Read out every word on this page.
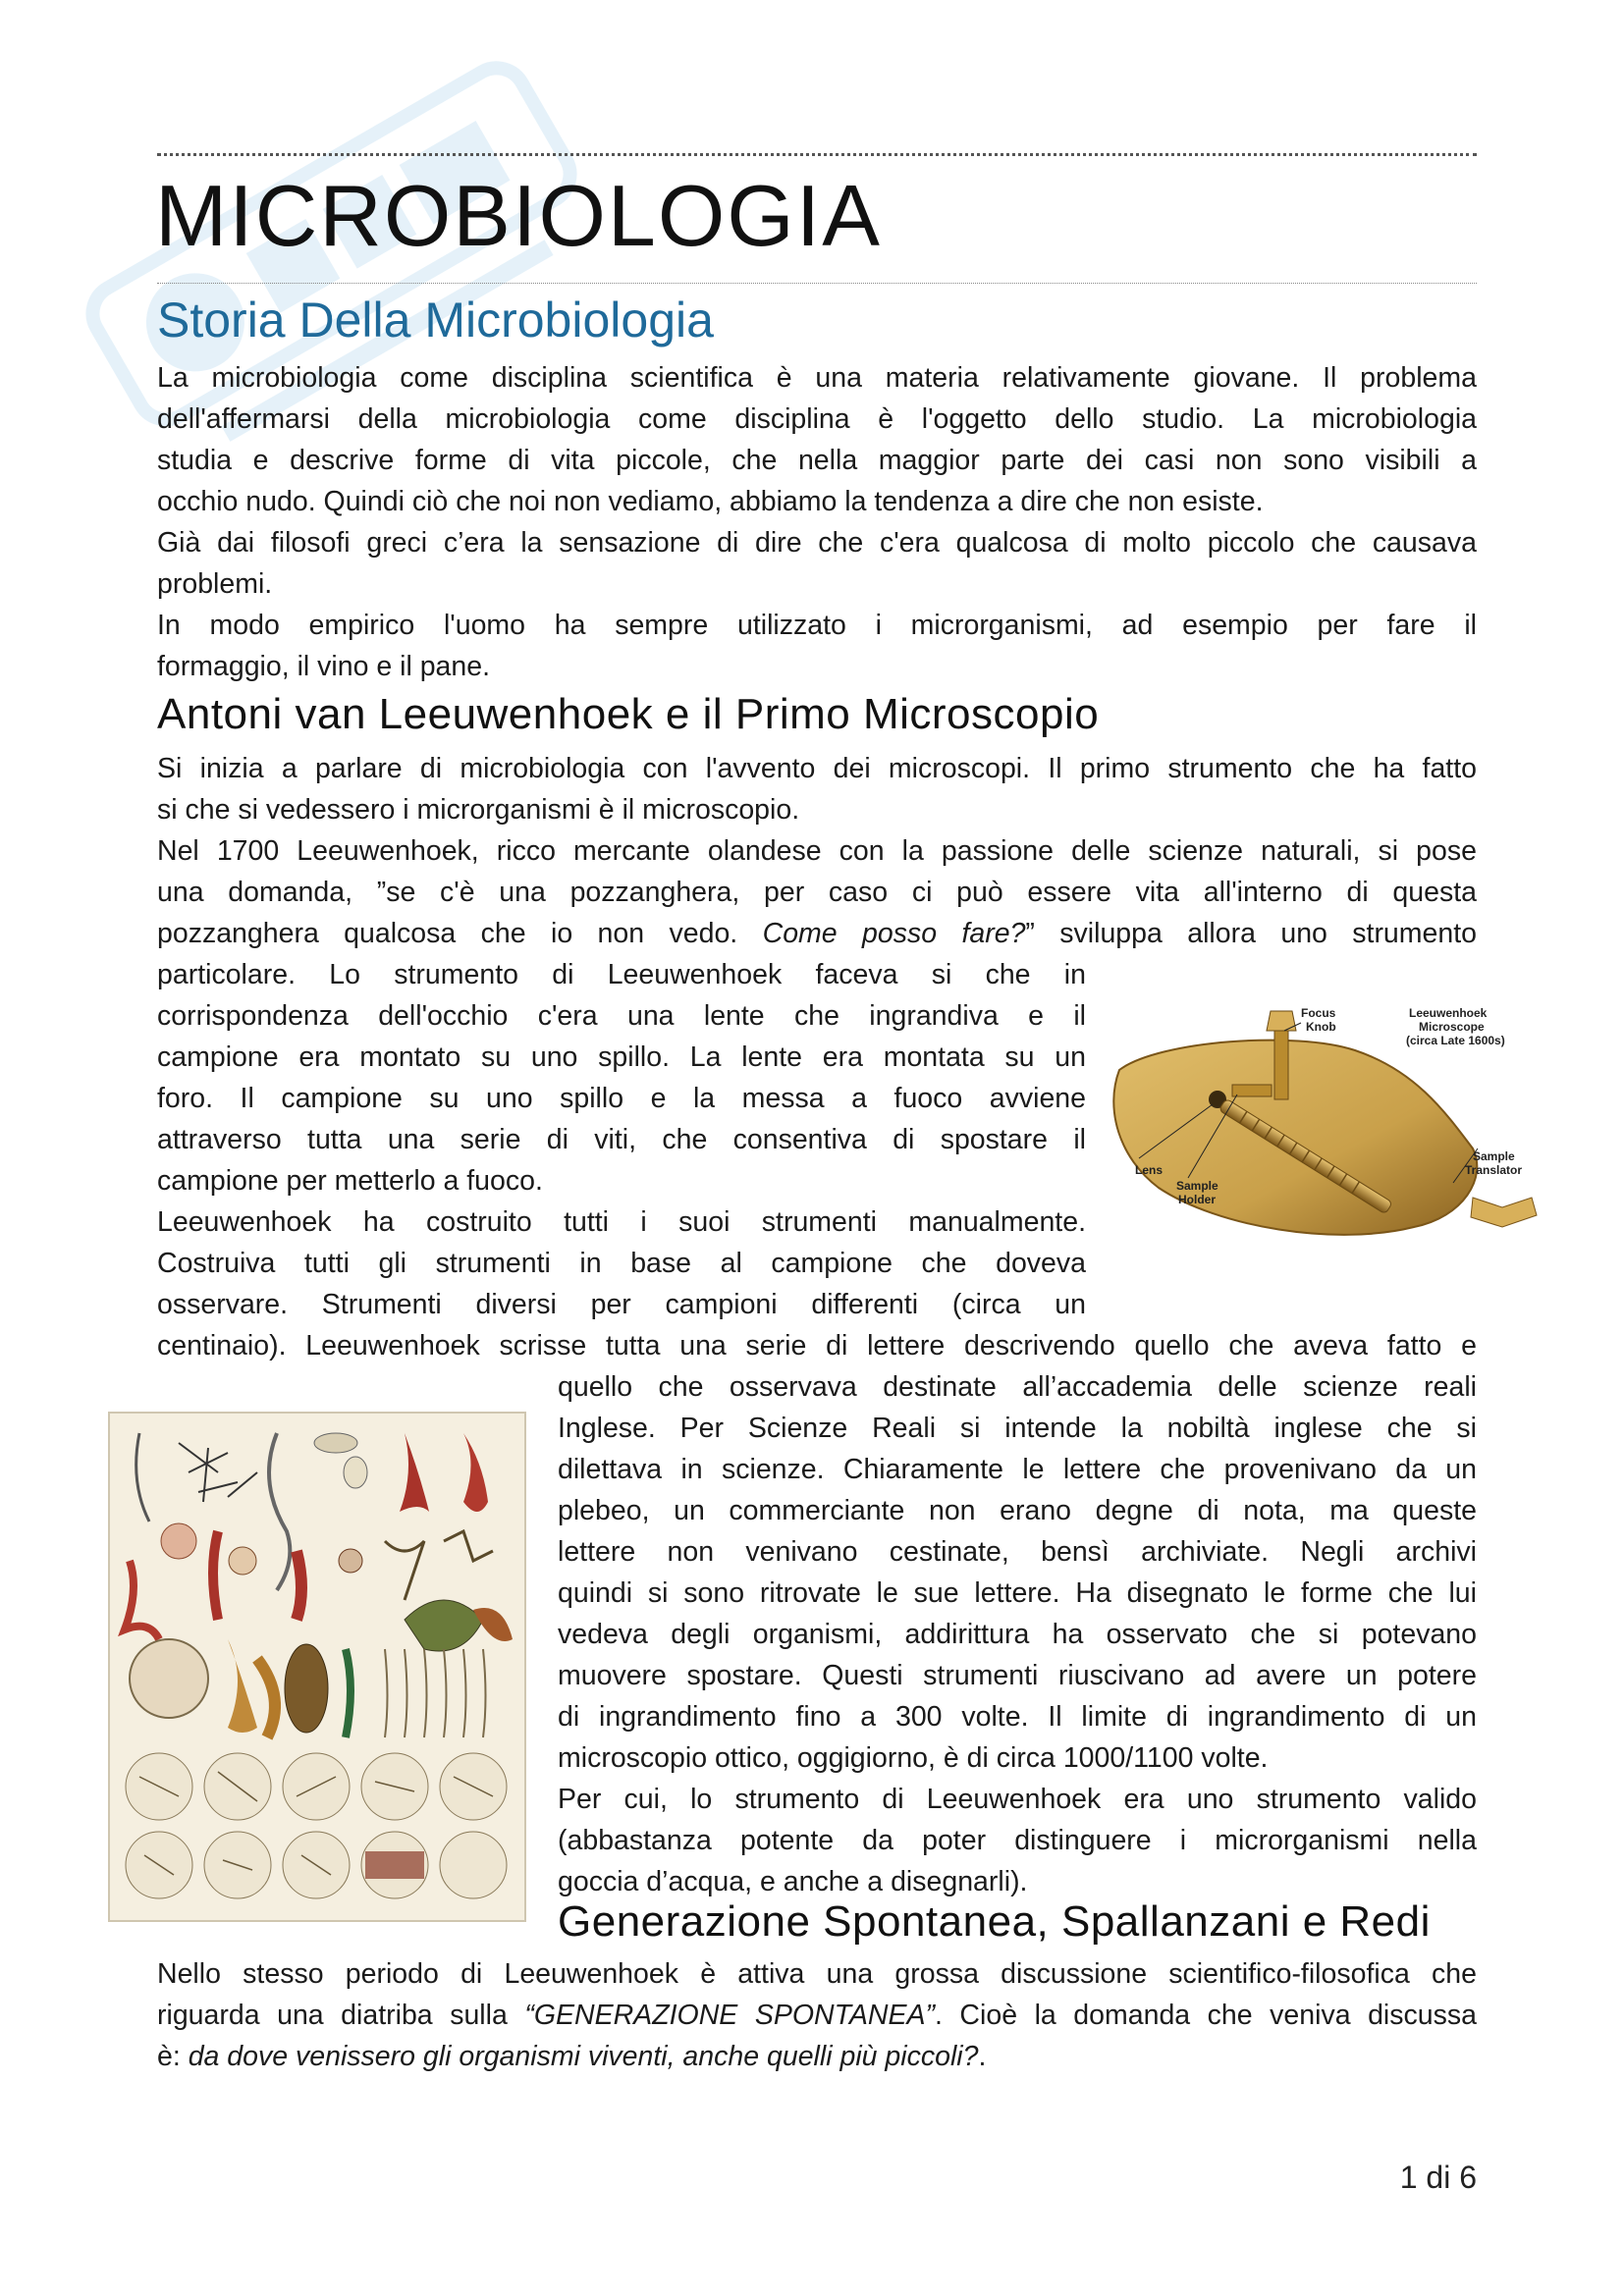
MICROBIOLOGIA
Storia Della Microbiologia
La microbiologia come disciplina scientifica è una materia relativamente giovane. Il problema
dell'affermarsi della microbiologia come disciplina è l'oggetto dello studio. La microbiologia
studia e descrive forme di vita piccole, che nella maggior parte dei casi non sono visibili a
occhio nudo. Quindi ciò che noi non vediamo, abbiamo la tendenza a dire che non esiste.
Già dai filosofi greci c’era la sensazione di dire che c'era qualcosa di molto piccolo che causava
problemi.
In modo empirico l'uomo ha sempre utilizzato i microrganismi, ad esempio per fare il
formaggio, il vino e il pane.
Antoni van Leeuwenhoek e il Primo Microscopio
Si inizia a parlare di microbiologia con l'avvento dei microscopi. Il primo strumento che ha fatto
si che si vedessero i microrganismi è il microscopio.
Nel 1700 Leeuwenhoek, ricco mercante olandese con la passione delle scienze naturali, si pose
una domanda, ”se c'è una pozzanghera, per caso ci può essere vita all'interno di questa
pozzanghera qualcosa che io non vedo. Come posso fare?” sviluppa allora uno strumento
particolare. Lo strumento di Leeuwenhoek faceva si che in
corrispondenza dell'occhio c'era una lente che ingrandiva e il
campione era montato su uno spillo. La lente era montata su un
foro. Il campione su uno spillo e la messa a fuoco avviene
attraverso tutta una serie di viti, che consentiva di spostare il
campione per metterlo a fuoco.
Leeuwenhoek ha costruito tutti i suoi strumenti manualmente.
Costruiva tutti gli strumenti in base al campione che doveva
osservare. Strumenti diversi per campioni differenti (circa un
centinaio). Leeuwenhoek scrisse tutta una serie di lettere descrivendo quello che aveva fatto e
quello che osservava destinate all’accademia delle scienze reali
Inglese. Per Scienze Reali si intende la nobiltà inglese che si
dilettava in scienze. Chiaramente le lettere che provenivano da un
plebeo, un commerciante non erano degne di nota, ma queste
lettere non venivano cestinate, bensì archiviate. Negli archivi
quindi si sono ritrovate le sue lettere. Ha disegnato le forme che lui
vedeva degli organismi, addirittura ha osservato che si potevano
muovere spostare. Questi strumenti riuscivano ad avere un potere
di ingrandimento fino a 300 volte. Il limite di ingrandimento di un
microscopio ottico, oggigiorno, è di circa 1000/1100 volte.
Per cui, lo strumento di Leeuwenhoek era uno strumento valido
(abbastanza potente da poter distinguere i microrganismi nella
goccia d’acqua, e anche a disegnarli).
Focus
Knob
Leeuwenhoek
Microscope
(circa Late 1600s)
Lens
Sample
Holder
Sample
Translator
Generazione Spontanea, Spallanzani e Redi
Nello stesso periodo di Leeuwenhoek è attiva una grossa discussione scientifico-filosofica che
riguarda una diatriba sulla “GENERAZIONE SPONTANEA”. Cioè la domanda che veniva discussa
è: da dove venissero gli organismi viventi, anche quelli più piccoli?.
1 di 6
